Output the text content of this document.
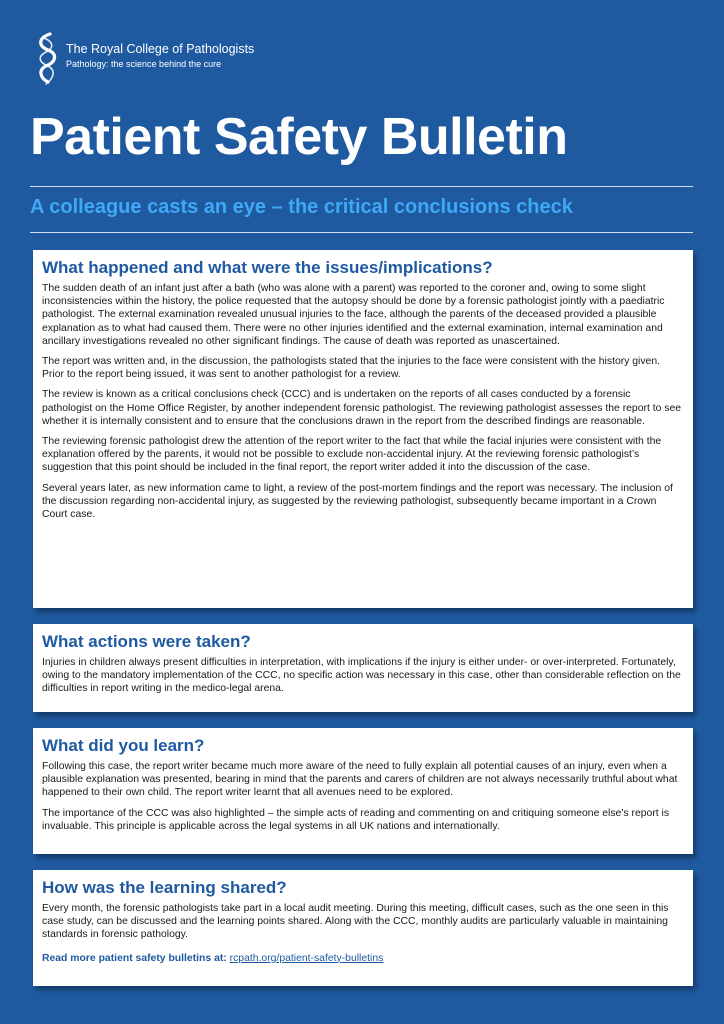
The Royal College of Pathologists
Pathology: the science behind the cure
Patient Safety Bulletin
A colleague casts an eye – the critical conclusions check
What happened and what were the issues/implications?

The sudden death of an infant just after a bath (who was alone with a parent) was reported to the coroner and, owing to some slight inconsistencies within the history, the police requested that the autopsy should be done by a forensic pathologist jointly with a paediatric pathologist. The external examination revealed unusual injuries to the face, although the parents of the deceased provided a plausible explanation as to what had caused them. There were no other injuries identified and the external examination, internal examination and ancillary investigations revealed no other significant findings. The cause of death was reported as unascertained.

The report was written and, in the discussion, the pathologists stated that the injuries to the face were consistent with the history given. Prior to the report being issued, it was sent to another pathologist for a review.

The review is known as a critical conclusions check (CCC) and is undertaken on the reports of all cases conducted by a forensic pathologist on the Home Office Register, by another independent forensic pathologist. The reviewing pathologist assesses the report to see whether it is internally consistent and to ensure that the conclusions drawn in the report from the described findings are reasonable.

The reviewing forensic pathologist drew the attention of the report writer to the fact that while the facial injuries were consistent with the explanation offered by the parents, it would not be possible to exclude non-accidental injury. At the reviewing forensic pathologist’s suggestion that this point should be included in the final report, the report writer added it into the discussion of the case.

Several years later, as new information came to light, a review of the post-mortem findings and the report was necessary. The inclusion of the discussion regarding non-accidental injury, as suggested by the reviewing pathologist, subsequently became important in a Crown Court case.

What actions were taken?

Injuries in children always present difficulties in interpretation, with implications if the injury is either under- or over-interpreted. Fortunately, owing to the mandatory implementation of the CCC, no specific action was necessary in this case, other than considerable reflection on the difficulties in report writing in the medico-legal arena.

What did you learn?

Following this case, the report writer became much more aware of the need to fully explain all potential causes of an injury, even when a plausible explanation was presented, bearing in mind that the parents and carers of children are not always necessarily truthful about what happened to their own child. The report writer learnt that all avenues need to be explored.

The importance of the CCC was also highlighted – the simple acts of reading and commenting on and critiquing someone else’s report is invaluable. This principle is applicable across the legal systems in all UK nations and internationally.

How was the learning shared?

Every month, the forensic pathologists take part in a local audit meeting. During this meeting, difficult cases, such as the one seen in this case study, can be discussed and the learning points shared. Along with the CCC, monthly audits are particularly valuable in maintaining standards in forensic pathology.

Read more patient safety bulletins at: rcpath.org/patient-safety-bulletins
